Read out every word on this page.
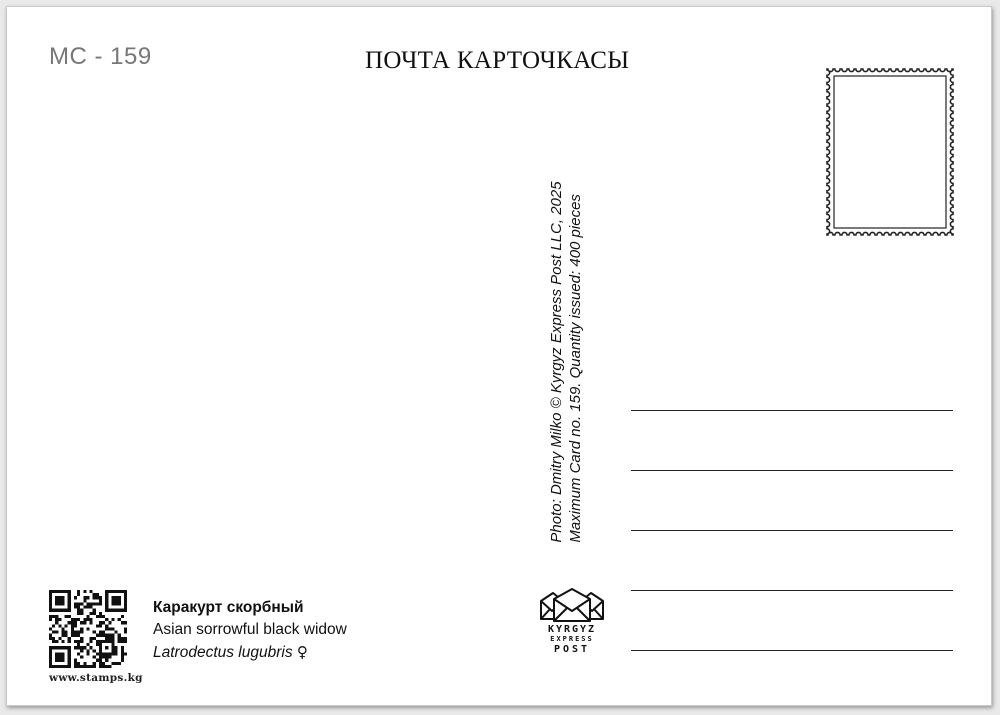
MC - 159	ПОЧТА КАРТОЧКАСЫ
Photo: Dmitry Milko © Kyrgyz Express Post LLC, 2025 Maximum Card no. 159. Quantity issued: 400 pieces
www.stamps.kg
Каракурт скорбный
Asian sorrowful black widow
Latrodectus lugubris ♀
KYRGYZ
EXPRESS
POST
